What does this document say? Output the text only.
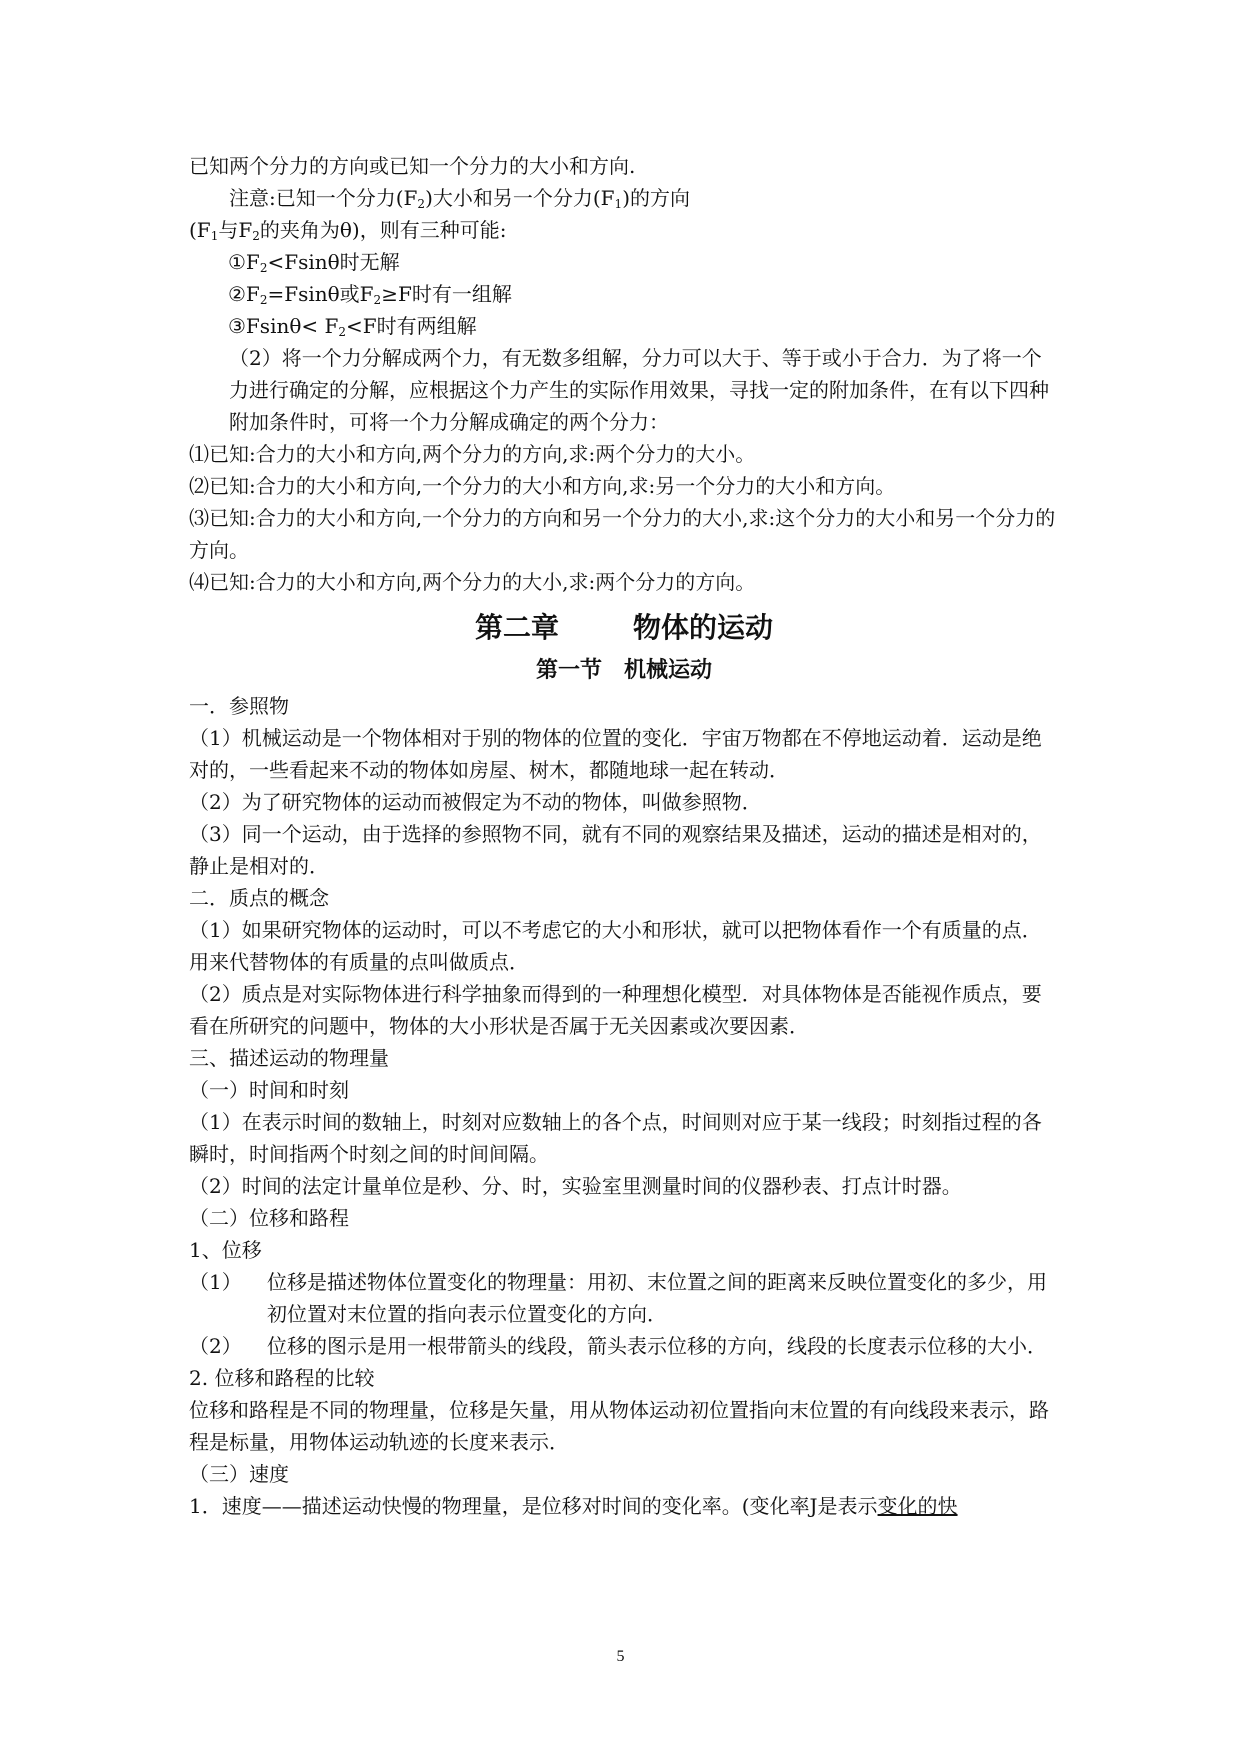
已知两个分力的方向或已知一个分力的大小和方向.

注意:已知一个分力$(F_2)$大小和另一个分力$(F_1)$的方向

($F_1$与$F_2$的夹角为θ)，则有三种可能:

$①F_2<Fsin\theta$时无解

$②F_2=Fsin\theta$或$F_2\ge F$时有一组解

③Fsinθ< $F_2<F$时有两组解

（2）将一个力分解成两个力，有无数多组解，分力可以大于、等于或小于合力．为了将一个力进行确定的分解，应根据这个力产生的实际作用效果，寻找一定的附加条件，在有以下四种附加条件时，可将一个力分解成确定的两个分力：

⑴已知:合力的大小和方向,两个分力的方向,求:两个分力的大小。

⑵已知:合力的大小和方向,一个分力的大小和方向,求:另一个分力的大小和方向。

⑶已知:合力的大小和方向,一个分力的方向和另一个分力的大小,求:这个分力的大小和另一个分力的方向。

⑷已知:合力的大小和方向,两个分力的大小,求:两个分力的方向。

第二章	物体的运动
第一节 机械运动

一．参照物

（1）机械运动是一个物体相对于别的物体的位置的变化．宇宙万物都在不停地运动着．运动是绝对的，一些看起来不动的物体如房屋、树木，都随地球一起在转动．

（2）为了研究物体的运动而被假定为不动的物体，叫做参照物．

（3）同一个运动，由于选择的参照物不同，就有不同的观察结果及描述，运动的描述是相对的，静止是相对的．

二．质点的概念

（1）如果研究物体的运动时，可以不考虑它的大小和形状，就可以把物体看作一个有质量的点．用来代替物体的有质量的点叫做质点．

（2）质点是对实际物体进行科学抽象而得到的一种理想化模型．对具体物体是否能视作质点，要看在所研究的问题中，物体的大小形状是否属于无关因素或次要因素．

三、描述运动的物理量

（一）时间和时刻

（1）在表示时间的数轴上，时刻对应数轴上的各个点，时间则对应于某一线段；时刻指过程的各瞬时，时间指两个时刻之间的时间间隔。

（2）时间的法定计量单位是秒、分、时，实验室里测量时间的仪器秒表、打点计时器。

（二）位移和路程

1、位移

（1）	位移是描述物体位置变化的物理量：用初、末位置之间的距离来反映位置变化的多少，用初位置对末位置的指向表示位置变化的方向．
（2）	位移的图示是用一根带箭头的线段，箭头表示位移的方向，线段的长度表示位移的大小．

2. 位移和路程的比较

位移和路程是不同的物理量，位移是矢量，用从物体运动初位置指向末位置的有向线段来表示，路程是标量，用物体运动轨迹的长度来表示．

（三）速度

1．速度——描述运动快慢的物理量，是位移对时间的变化率。(变化率J是表示变化的快

5
